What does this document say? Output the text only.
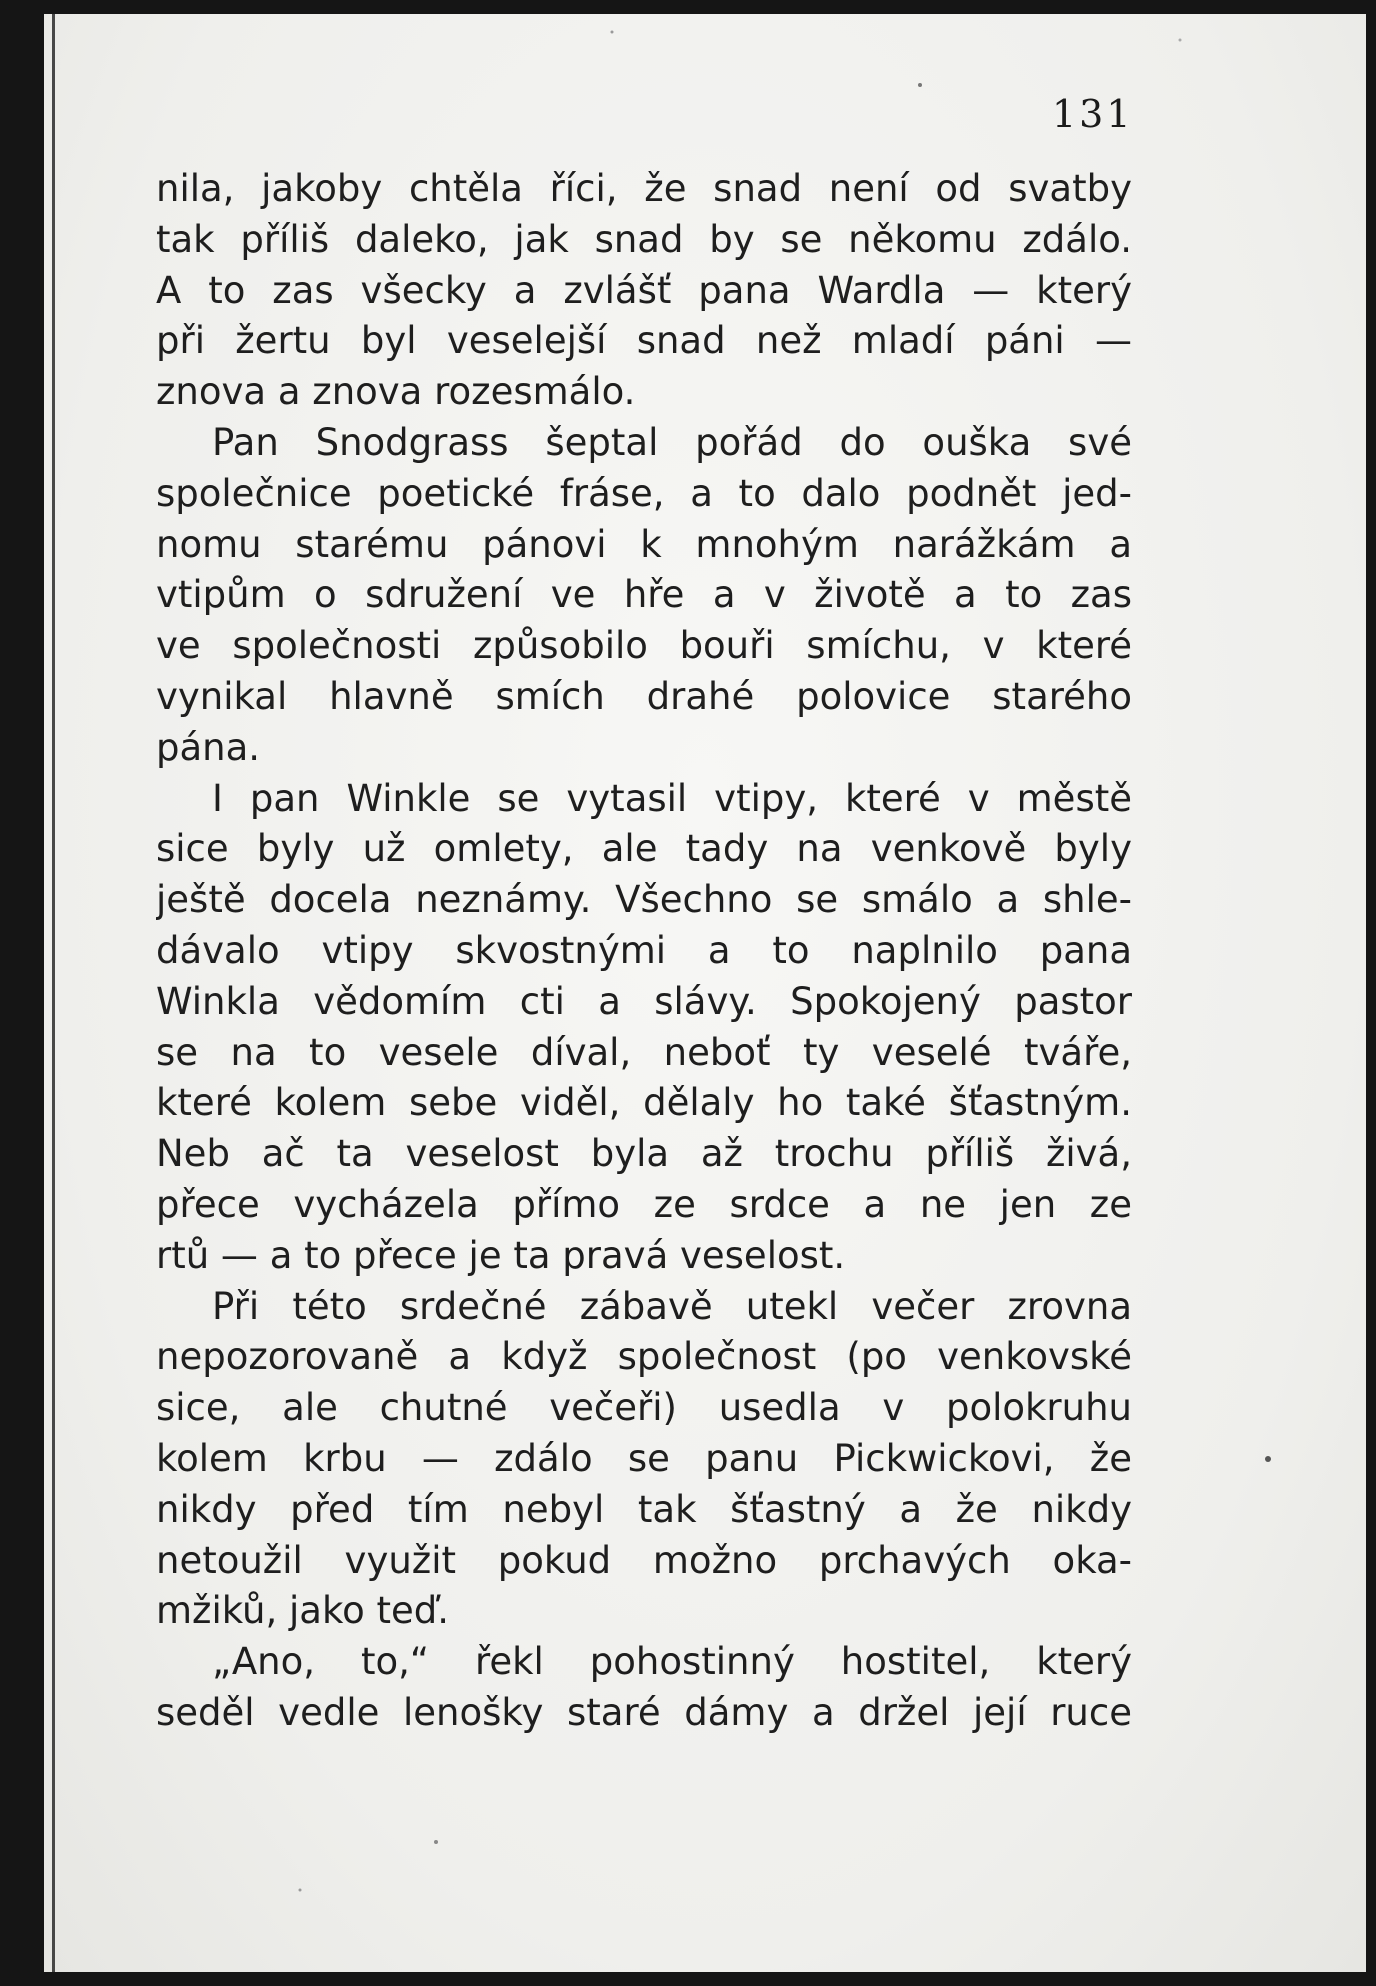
131
nila, jakoby chtěla říci, že snad není od svatby
tak příliš daleko, jak snad by se někomu zdálo.
A to zas všecky a zvlášť pana Wardla — který
při žertu byl veselejší snad než mladí páni —
znova a znova rozesmálo.
Pan Snodgrass šeptal pořád do ouška své
společnice poetické fráse, a to dalo podnět jed-
nomu starému pánovi k mnohým narážkám a
vtipům o sdružení ve hře a v životě a to zas
ve společnosti způsobilo bouři smíchu, v které
vynikal hlavně smích drahé polovice starého
pána.
I pan Winkle se vytasil vtipy, které v městě
sice byly už omlety, ale tady na venkově byly
ještě docela neznámy. Všechno se smálo a shle-
dávalo vtipy skvostnými a to naplnilo pana
Winkla vědomím cti a slávy. Spokojený pastor
se na to vesele díval, neboť ty veselé tváře,
které kolem sebe viděl, dělaly ho také šťastným.
Neb ač ta veselost byla až trochu příliš živá,
přece vycházela přímo ze srdce a ne jen ze
rtů — a to přece je ta pravá veselost.
Při této srdečné zábavě utekl večer zrovna
nepozorovaně a když společnost (po venkovské
sice, ale chutné večeři) usedla v polokruhu
kolem krbu — zdálo se panu Pickwickovi, že
nikdy před tím nebyl tak šťastný a že nikdy
netoužil využit pokud možno prchavých oka-
mžiků, jako teď.
„Ano, to,“ řekl pohostinný hostitel, který
seděl vedle lenošky staré dámy a držel její ruce
